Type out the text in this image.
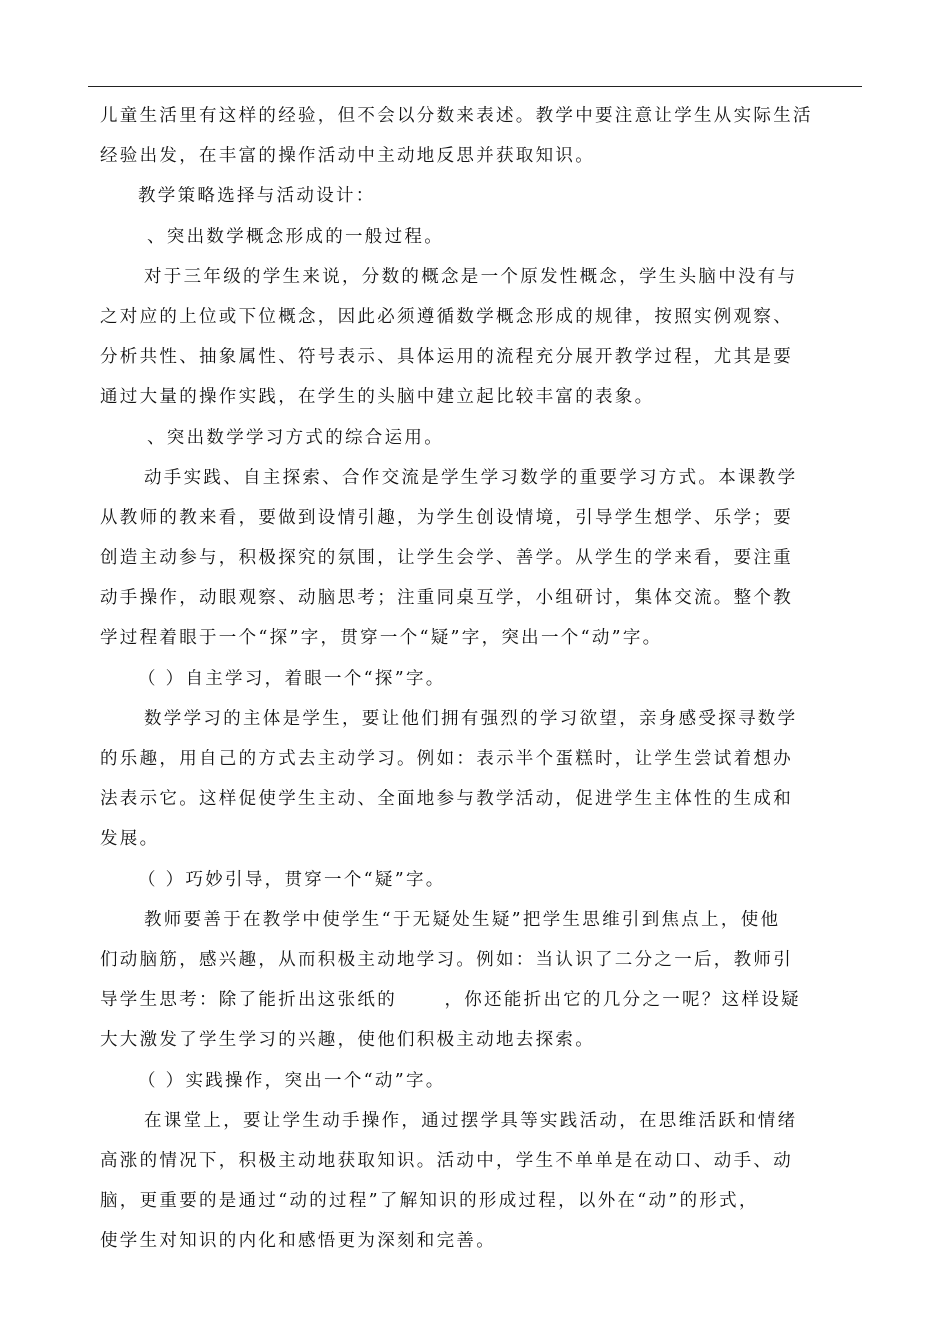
儿童生活里有这样的经验，但不会以分数来表述。教学中要注意让学生从实际生活
经验出发，在丰富的操作活动中主动地反思并获取知识。
教学策略选择与活动设计：
、突出数学概念形成的一般过程。
对于三年级的学生来说，分数的概念是一个原发性概念，学生头脑中没有与
之对应的上位或下位概念，因此必须遵循数学概念形成的规律，按照实例观察、
分析共性、抽象属性、符号表示、具体运用的流程充分展开教学过程，尤其是要
通过大量的操作实践，在学生的头脑中建立起比较丰富的表象。
、突出数学学习方式的综合运用。
动手实践、自主探索、合作交流是学生学习数学的重要学习方式。本课教学
从教师的教来看，要做到设情引趣，为学生创设情境，引导学生想学、乐学；要
创造主动参与，积极探究的氛围，让学生会学、善学。从学生的学来看，要注重
动手操作，动眼观察、动脑思考；注重同桌互学，小组研讨，集体交流。整个教
学过程着眼于一个“探”字，贯穿一个“疑”字，突出一个“动”字。
（ ）自主学习，着眼一个“探”字。
数学学习的主体是学生，要让他们拥有强烈的学习欲望，亲身感受探寻数学
的乐趣，用自己的方式去主动学习。例如：表示半个蛋糕时，让学生尝试着想办
法表示它。这样促使学生主动、全面地参与教学活动，促进学生主体性的生成和
发展。
（ ）巧妙引导，贯穿一个“疑”字。
教师要善于在教学中使学生“于无疑处生疑”把学生思维引到焦点上，使他
们动脑筋，感兴趣，从而积极主动地学习。例如：当认识了二分之一后，教师引
导学生思考：除了能折出这张纸的 　　，你还能折出它的几分之一呢？这样设疑
大大激发了学生学习的兴趣，使他们积极主动地去探索。
（ ）实践操作，突出一个“动”字。
在课堂上，要让学生动手操作，通过摆学具等实践活动，在思维活跃和情绪
高涨的情况下，积极主动地获取知识。活动中，学生不单单是在动口、动手、动
脑，更重要的是通过“动的过程”了解知识的形成过程，以外在“动”的形式，
使学生对知识的内化和感悟更为深刻和完善。
